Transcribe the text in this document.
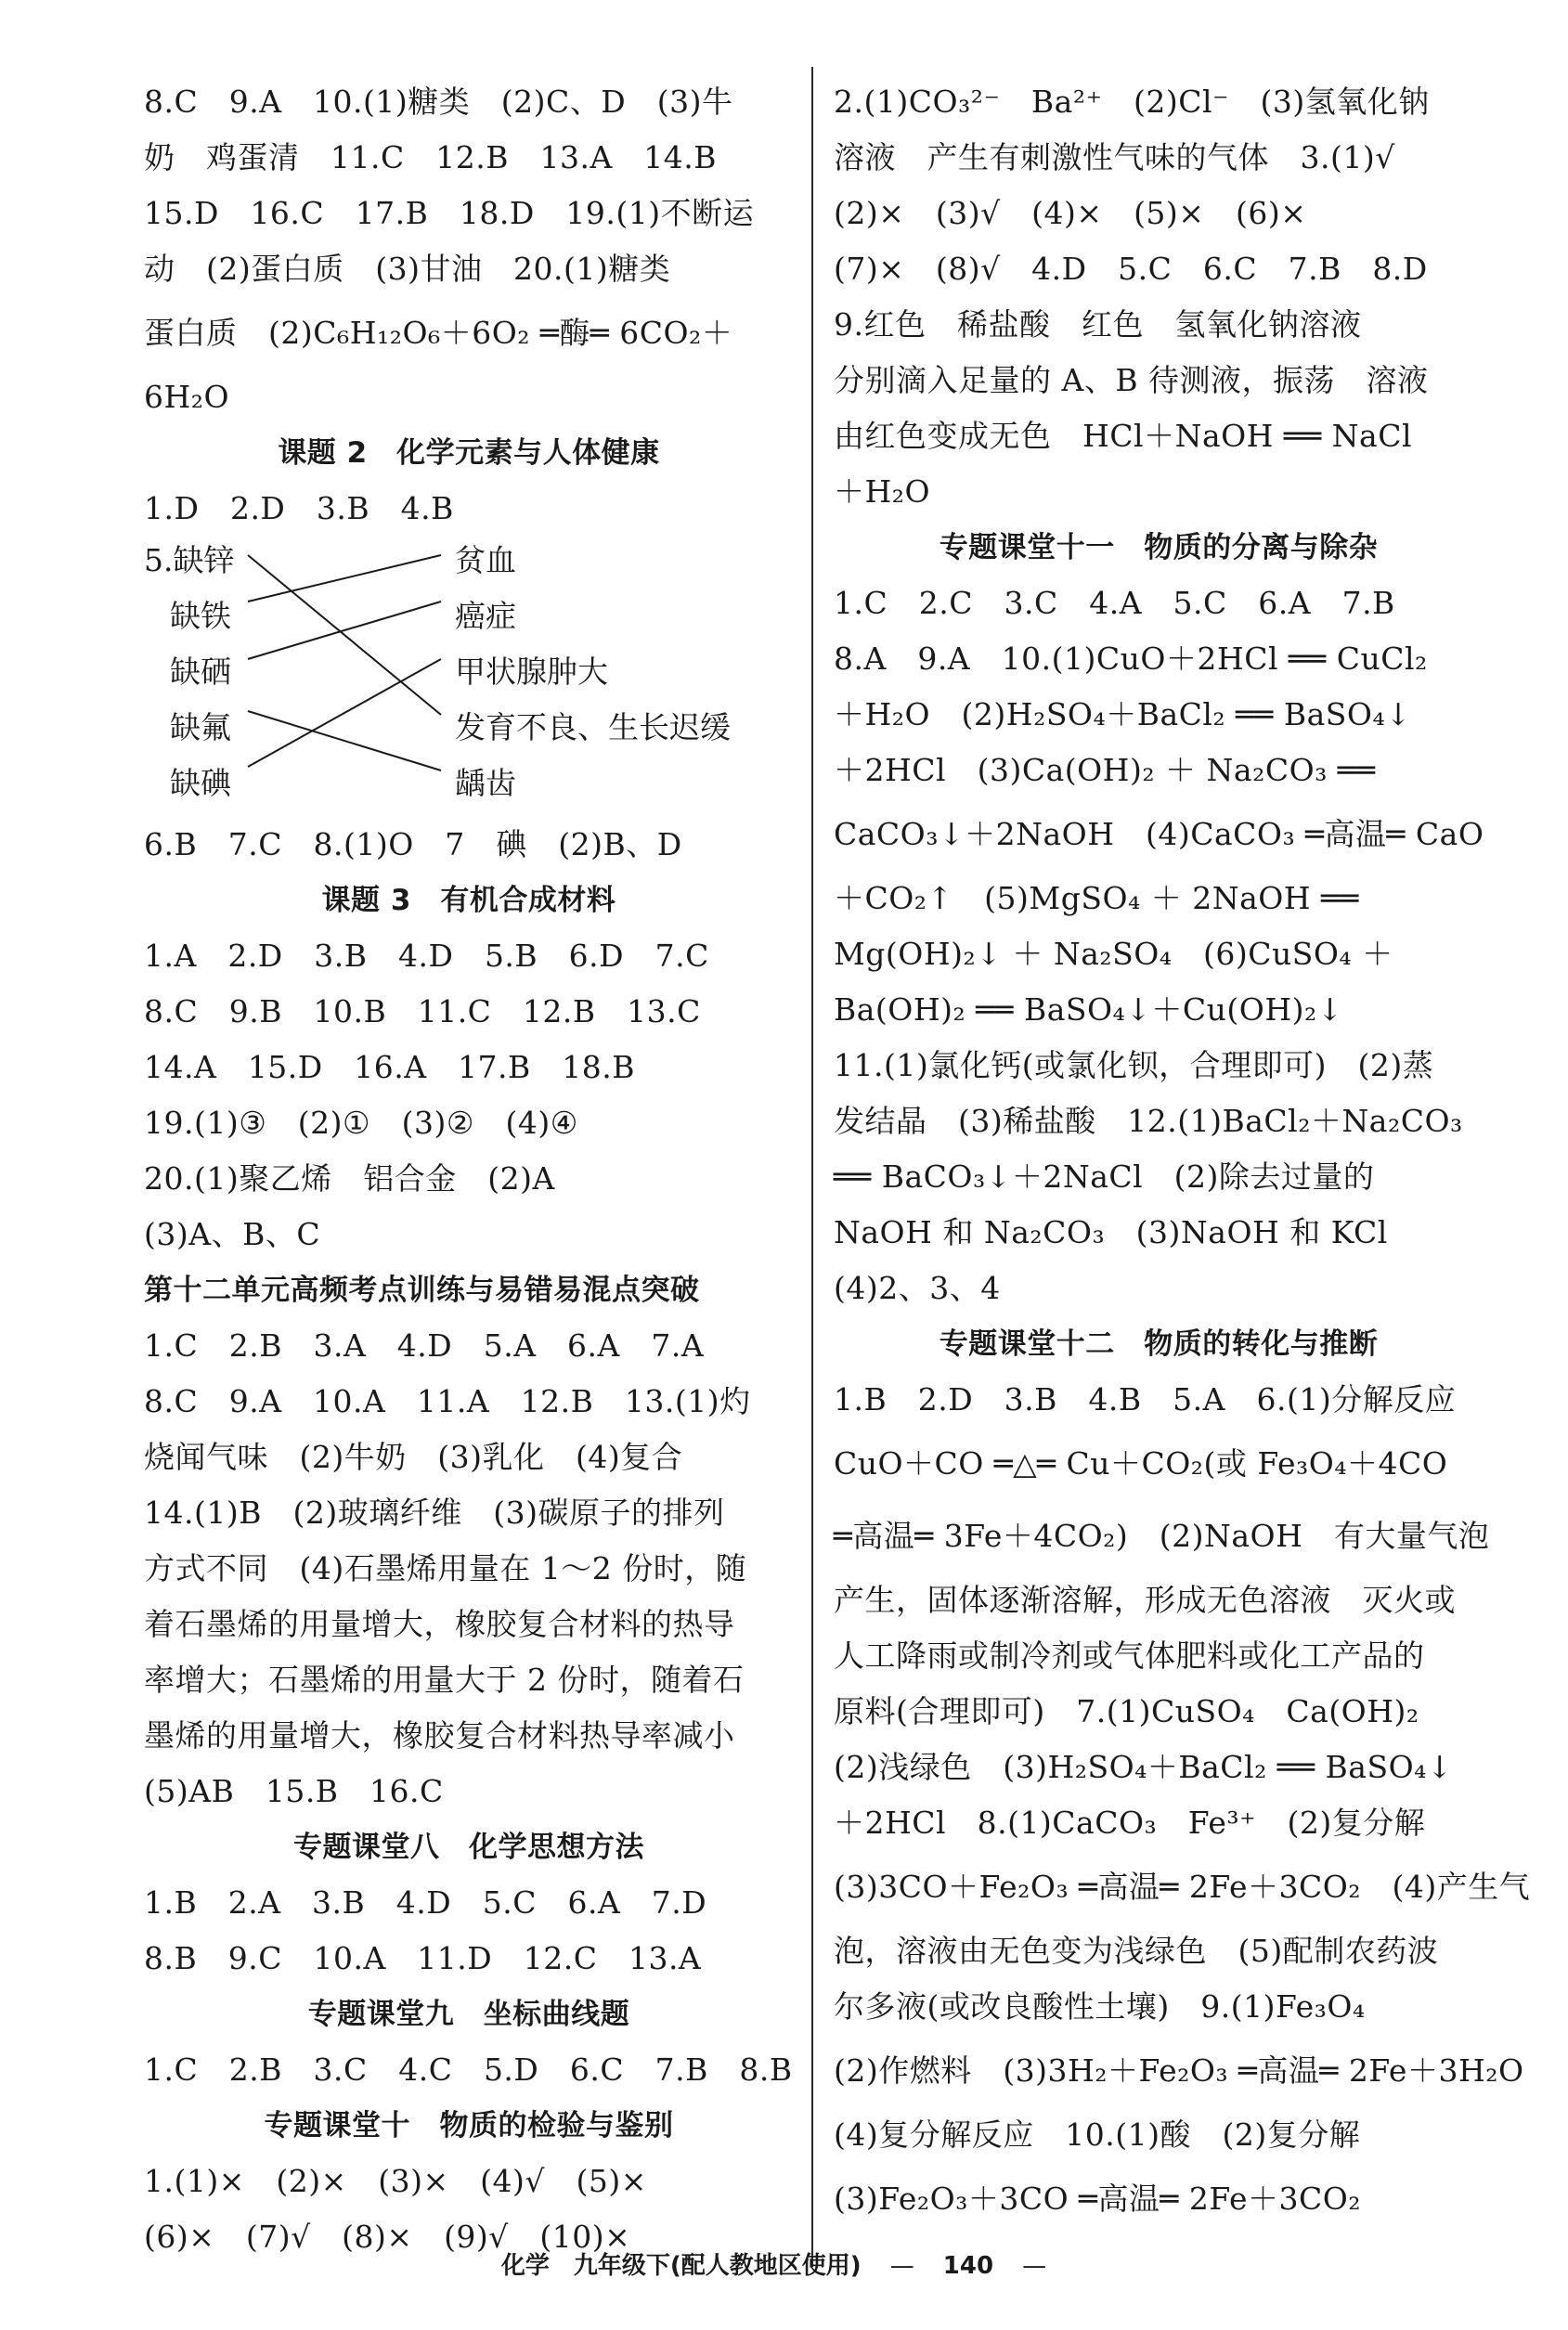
8.C　9.A　10.(1)糖类　(2)C、D　(3)牛
奶　鸡蛋清　11.C　12.B　13.A　14.B
15.D　16.C　17.B　18.D　19.(1)不断运
动　(2)蛋白质　(3)甘油　20.(1)糖类
蛋白质　(2)C₆H₁₂O₆＋6O₂ ═酶═ 6CO₂＋
6H₂O
课题 2　化学元素与人体健康
1.D　2.D　3.B　4.B
5.缺锌
缺铁
缺硒
缺氟
缺碘
贫血
癌症
甲状腺肿大
发育不良、生长迟缓
龋齿
6.B　7.C　8.(1)O　7　碘　(2)B、D
课题 3　有机合成材料
1.A　2.D　3.B　4.D　5.B　6.D　7.C
8.C　9.B　10.B　11.C　12.B　13.C
14.A　15.D　16.A　17.B　18.B
19.(1)③　(2)①　(3)②　(4)④
20.(1)聚乙烯　铝合金　(2)A
(3)A、B、C
第十二单元高频考点训练与易错易混点突破
1.C　2.B　3.A　4.D　5.A　6.A　7.A
8.C　9.A　10.A　11.A　12.B　13.(1)灼
烧闻气味　(2)牛奶　(3)乳化　(4)复合
14.(1)B　(2)玻璃纤维　(3)碳原子的排列
方式不同　(4)石墨烯用量在 1～2 份时，随
着石墨烯的用量增大，橡胶复合材料的热导
率增大；石墨烯的用量大于 2 份时，随着石
墨烯的用量增大，橡胶复合材料热导率减小
(5)AB　15.B　16.C
专题课堂八　化学思想方法
1.B　2.A　3.B　4.D　5.C　6.A　7.D
8.B　9.C　10.A　11.D　12.C　13.A
专题课堂九　坐标曲线题
1.C　2.B　3.C　4.C　5.D　6.C　7.B　8.B
专题课堂十　物质的检验与鉴别
1.(1)×　(2)×　(3)×　(4)√　(5)×
(6)×　(7)√　(8)×　(9)√　(10)×
2.(1)CO₃²⁻　Ba²⁺　(2)Cl⁻　(3)氢氧化钠
溶液　产生有刺激性气味的气体　3.(1)√
(2)×　(3)√　(4)×　(5)×　(6)×
(7)×　(8)√　4.D　5.C　6.C　7.B　8.D
9.红色　稀盐酸　红色　氢氧化钠溶液
分别滴入足量的 A、B 待测液，振荡　溶液
由红色变成无色　HCl＋NaOH ══ NaCl
＋H₂O
专题课堂十一　物质的分离与除杂
1.C　2.C　3.C　4.A　5.C　6.A　7.B
8.A　9.A　10.(1)CuO＋2HCl ══ CuCl₂
＋H₂O　(2)H₂SO₄＋BaCl₂ ══ BaSO₄↓
＋2HCl　(3)Ca(OH)₂ ＋ Na₂CO₃ ══
CaCO₃↓＋2NaOH　(4)CaCO₃ ═高温═ CaO
＋CO₂↑　(5)MgSO₄ ＋ 2NaOH ══
Mg(OH)₂↓ ＋ Na₂SO₄　(6)CuSO₄ ＋
Ba(OH)₂ ══ BaSO₄↓＋Cu(OH)₂↓
11.(1)氯化钙(或氯化钡，合理即可)　(2)蒸
发结晶　(3)稀盐酸　12.(1)BaCl₂＋Na₂CO₃
══ BaCO₃↓＋2NaCl　(2)除去过量的
NaOH 和 Na₂CO₃　(3)NaOH 和 KCl
(4)2、3、4
专题课堂十二　物质的转化与推断
1.B　2.D　3.B　4.B　5.A　6.(1)分解反应
CuO＋CO ═△═ Cu＋CO₂(或 Fe₃O₄＋4CO
═高温═ 3Fe＋4CO₂)　(2)NaOH　有大量气泡
产生，固体逐渐溶解，形成无色溶液　灭火或
人工降雨或制冷剂或气体肥料或化工产品的
原料(合理即可)　7.(1)CuSO₄　Ca(OH)₂
(2)浅绿色　(3)H₂SO₄＋BaCl₂ ══ BaSO₄↓
＋2HCl　8.(1)CaCO₃　Fe³⁺　(2)复分解
(3)3CO＋Fe₂O₃ ═高温═ 2Fe＋3CO₂　(4)产生气
泡，溶液由无色变为浅绿色　(5)配制农药波
尔多液(或改良酸性土壤)　9.(1)Fe₃O₄
(2)作燃料　(3)3H₂＋Fe₂O₃ ═高温═ 2Fe＋3H₂O
(4)复分解反应　10.(1)酸　(2)复分解
(3)Fe₂O₃＋3CO ═高温═ 2Fe＋3CO₂
化学　九年级下(配人教地区使用) — 140 —
